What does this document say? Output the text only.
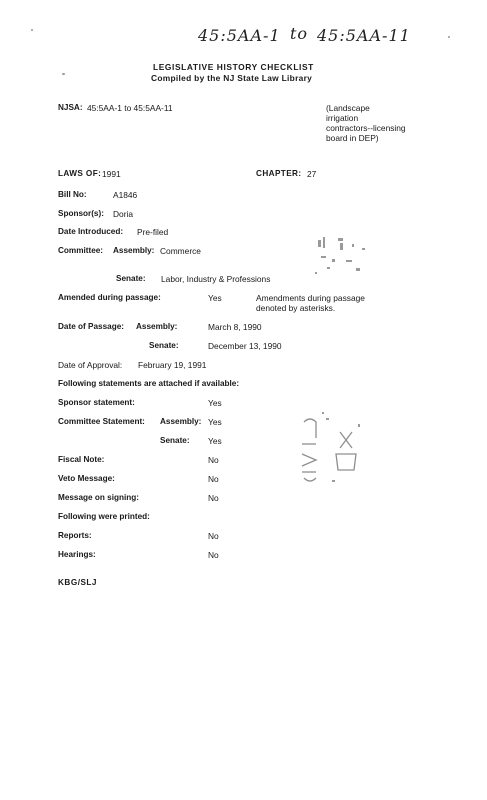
45:5AA-1 to 45:5AA-11
LEGISLATIVE HISTORY CHECKLIST
Compiled by the NJ State Law Library
NJSA: 45:5AA-1 to 45:5AA-11	(Landscape
irrigation
contractors--licensing
board in DEP)
LAWS OF: 1991	CHAPTER: 27
Bill No:	A1846
Sponsor(s): Doria
Date Introduced: Pre-filed
Committee: Assembly: Commerce
Senate: Labor, Industry & Professions
Amended during passage:	Yes	Amendments during passage
denoted by asterisks.
Date of Passage: Assembly:	March 8, 1990
Senate:	December 13, 1990
Date of Approval: February 19, 1991
Following statements are attached if available:
Sponsor statement:	Yes
Committee Statement: Assembly: Yes
Senate: Yes
Fiscal Note:	No
Veto Message:	No
Message on signing:	No
Following were printed:
Reports:	No
Hearings:	No
KBG/SLJ
